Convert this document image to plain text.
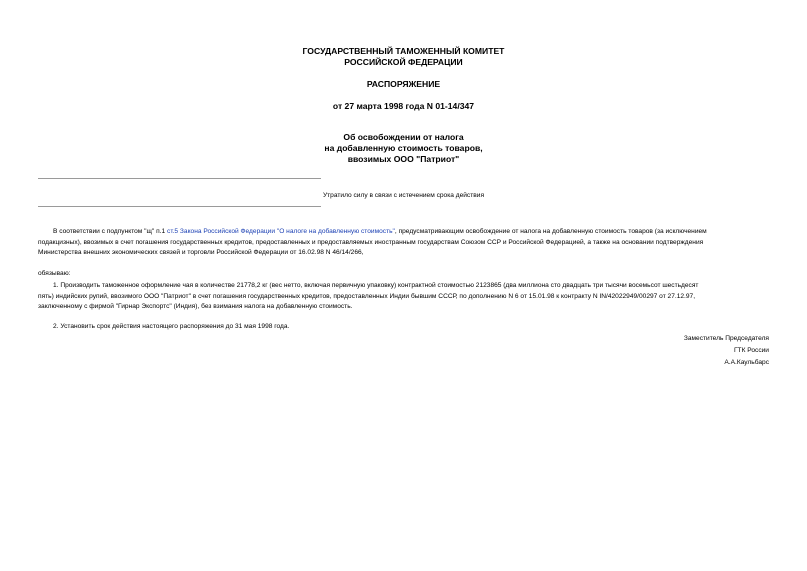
ГОСУДАРСТВЕННЫЙ ТАМОЖЕННЫЙ КОМИТЕТ
РОССИЙСКОЙ ФЕДЕРАЦИИ
РАСПОРЯЖЕНИЕ
от 27 марта 1998 года N 01-14/347
Об освобождении от налога
на добавленную стоимость товаров,
ввозимых ООО "Патриот"
Утратило силу в связи с истечением срока действия
В соответствии с подпунктом "щ" п.1 ст.5 Закона Российской Федерации "О налоге на добавленную стоимость", предусматривающим освобождение от налога на добавленную стоимость товаров (за исключением
подакцизных), ввозимых в счет погашения государственных кредитов, предоставленных и предоставляемых иностранным государствам Союзом ССР и Российской Федерацией, а также на основании подтверждения
Министерства внешних экономических связей и торговли Российской Федерации от 16.02.98 N 46/14/266,
обязываю:
1. Производить таможенное оформление чая в количестве 21778,2 кг (вес нетто, включая первичную упаковку) контрактной стоимостью 2123865 (два миллиона сто двадцать три тысячи восемьсот шестьдесят
пять) индийских рупий, ввозимого ООО "Патриот" в счет погашения государственных кредитов, предоставленных Индии бывшим СССР, по дополнению N 6 от 15.01.98 к контракту N IN/42022949/00297 от 27.12.97,
заключенному с фирмой "Гирнар Экспортс" (Индия), без взимания налога на добавленную стоимость.
2. Установить срок действия настоящего распоряжения до 31 мая 1998 года.
Заместитель Председателя
ГТК России
А.А.Каульбарс
